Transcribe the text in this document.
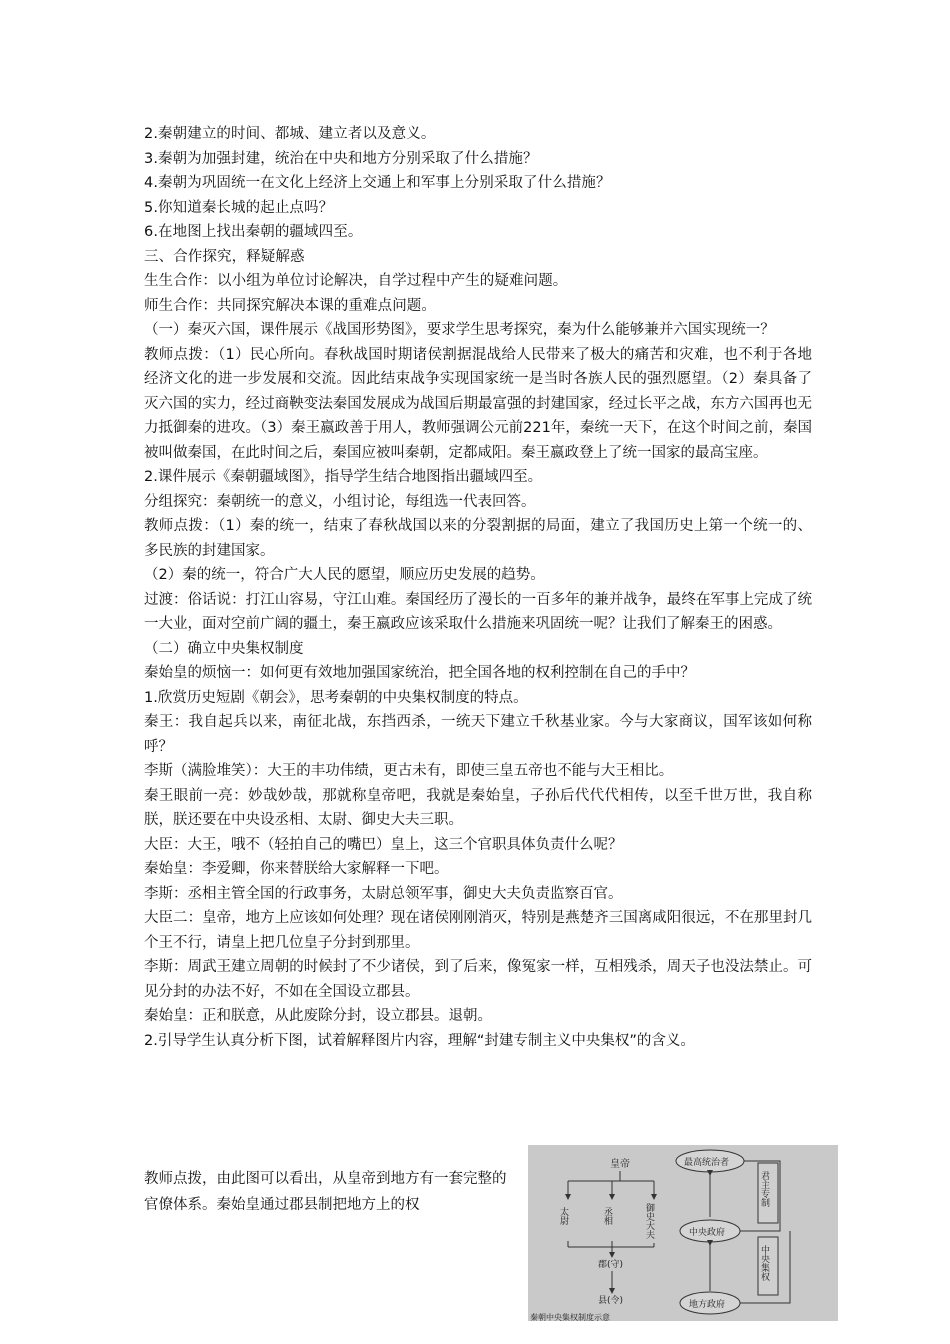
2.秦朝建立的时间、都城、建立者以及意义。
3.秦朝为加强封建，统治在中央和地方分别采取了什么措施？
4.秦朝为巩固统一在文化上经济上交通上和军事上分别采取了什么措施？
5.你知道秦长城的起止点吗？
6.在地图上找出秦朝的疆域四至。
三、合作探究，释疑解惑
生生合作：以小组为单位讨论解决，自学过程中产生的疑难问题。
师生合作：共同探究解决本课的重难点问题。
（一）秦灭六国，课件展示《战国形势图》，要求学生思考探究，秦为什么能够兼并六国实现统一？
教师点拨：（1）民心所向。春秋战国时期诸侯割据混战给人民带来了极大的痛苦和灾难，也不利于各地经济文化的进一步发展和交流。因此结束战争实现国家统一是当时各族人民的强烈愿望。（2）秦具备了灭六国的实力，经过商鞅变法秦国发展成为战国后期最富强的封建国家，经过长平之战，东方六国再也无力抵御秦的进攻。（3）秦王嬴政善于用人，教师强调公元前221年，秦统一天下，在这个时间之前，秦国被叫做秦国，在此时间之后，秦国应被叫秦朝，定都咸阳。秦王嬴政登上了统一国家的最高宝座。
2.课件展示《秦朝疆域图》，指导学生结合地图指出疆域四至。
分组探究：秦朝统一的意义，小组讨论，每组选一代表回答。
教师点拨：（1）秦的统一，结束了春秋战国以来的分裂割据的局面，建立了我国历史上第一个统一的、多民族的封建国家。
（2）秦的统一，符合广大人民的愿望，顺应历史发展的趋势。
过渡：俗话说：打江山容易，守江山难。秦国经历了漫长的一百多年的兼并战争，最终在军事上完成了统一大业，面对空前广阔的疆土，秦王嬴政应该采取什么措施来巩固统一呢？让我们了解秦王的困惑。
（二）确立中央集权制度
秦始皇的烦恼一：如何更有效地加强国家统治，把全国各地的权利控制在自己的手中？
1.欣赏历史短剧《朝会》，思考秦朝的中央集权制度的特点。
秦王：我自起兵以来，南征北战，东挡西杀，一统天下建立千秋基业家。今与大家商议，国军该如何称呼？
李斯（满脸堆笑）：大王的丰功伟绩，更古未有，即使三皇五帝也不能与大王相比。
秦王眼前一亮：妙哉妙哉，那就称皇帝吧，我就是秦始皇，子孙后代代代相传，以至千世万世，我自称朕，朕还要在中央设丞相、太尉、御史大夫三职。
大臣：大王，哦不（轻拍自己的嘴巴）皇上，这三个官职具体负责什么呢？
秦始皇：李爱卿，你来替朕给大家解释一下吧。
李斯：丞相主管全国的行政事务，太尉总领军事，御史大夫负责监察百官。
大臣二：皇帝，地方上应该如何处理？现在诸侯刚刚消灭，特别是燕楚齐三国离咸阳很远，不在那里封几个王不行，请皇上把几位皇子分封到那里。
李斯：周武王建立周朝的时候封了不少诸侯，到了后来，像冤家一样，互相残杀，周天子也没法禁止。可见分封的办法不好，不如在全国设立郡县。
秦始皇：正和朕意，从此废除分封，设立郡县。退朝。
2.引导学生认真分析下图，试着解释图片内容，理解“封建专制主义中央集权”的含义。
教师点拨，由此图可以看出，从皇帝到地方有一套完整的官僚体系。秦始皇通过郡县制把地方上的权
皇帝
太尉	丞相	御史大夫
郡(守)
县(令)
最高统治者
中央政府
地方政府
君主专制
中央集权
秦朝中央集权制度示意
